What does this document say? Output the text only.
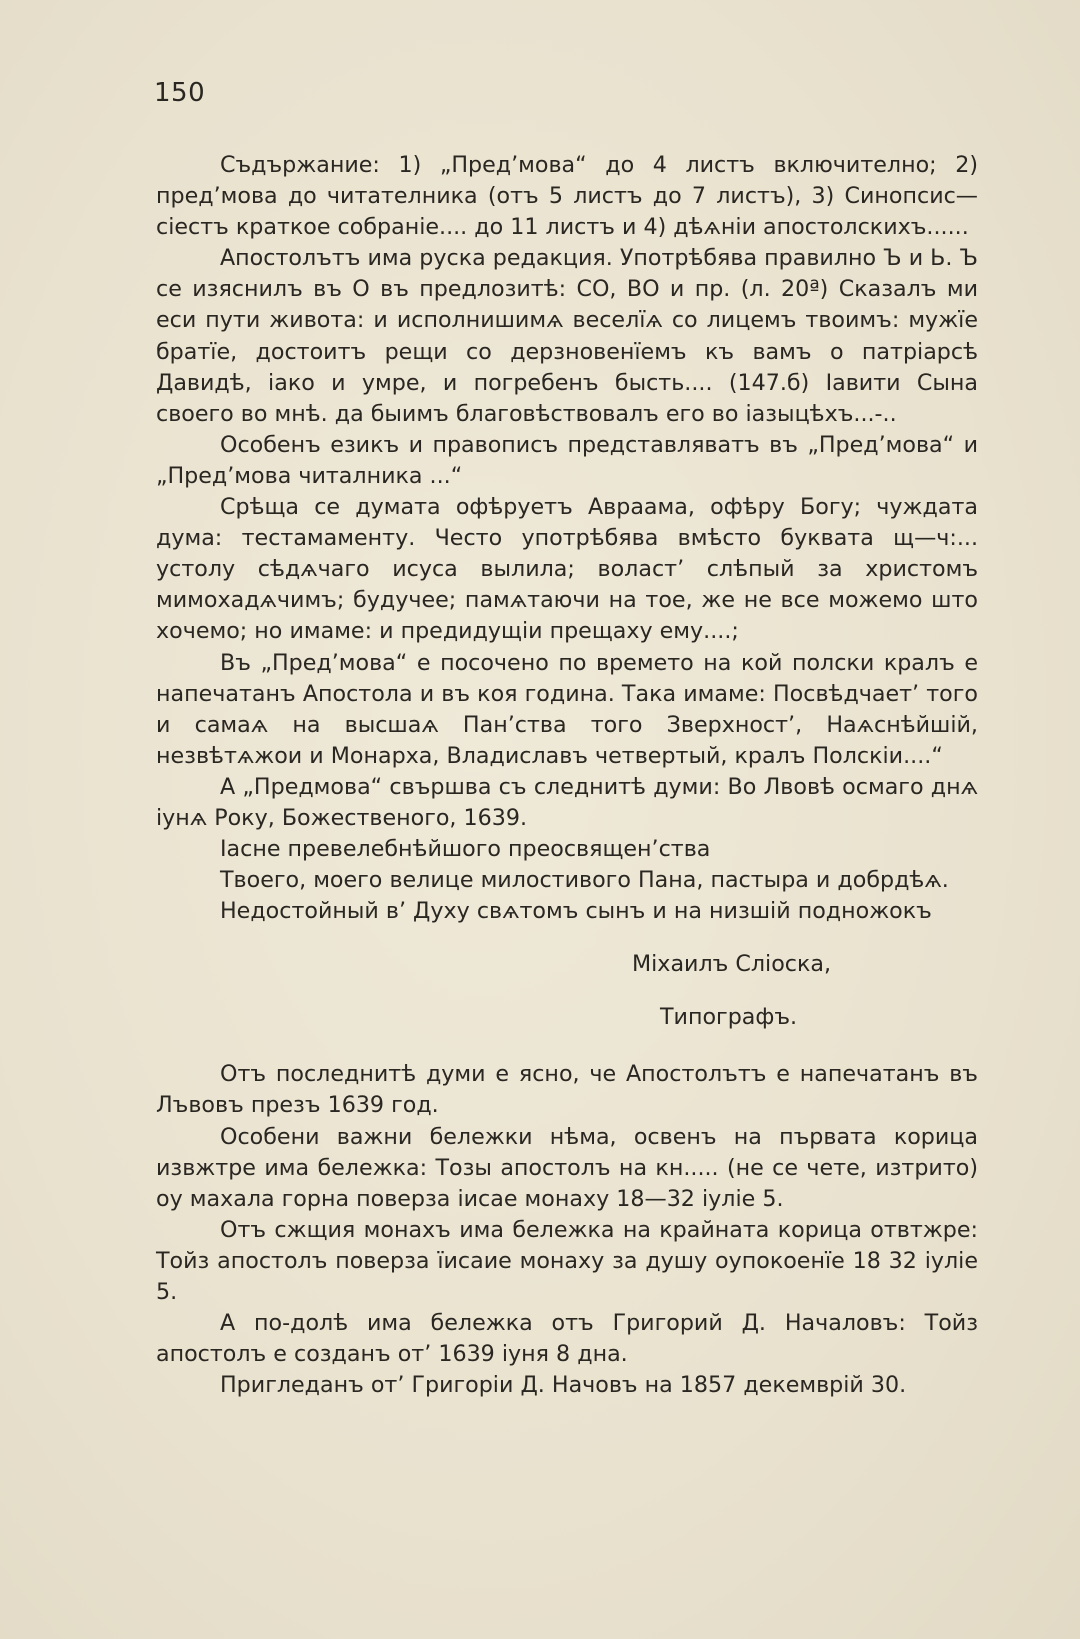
150

Съдържание: 1) „Пред’мова“ до 4 листъ включително; 2) пред’мова до читателника (отъ 5 листъ до 7 листъ), 3) Синопсис—сіестъ краткое собраніе.... до 11 листъ и 4) дѣѧніи апостолскихъ......

Апостолътъ има руска редакция. Употрѣбява правилно Ъ и Ь. Ъ се изяснилъ въ О въ предлозитѣ: СО, ВО и пр. (л. 20ª) Сказалъ ми еси пути живота: и исполнишимѧ веселїѧ со лицемъ твоимъ: мужїе братїе, достоитъ рещи со дерзновенїемъ къ вамъ о патріарсѣ Давидѣ, іако и умре, и погребенъ бысть.... (147.б) Іавити Сына своего во мнѣ. да быимъ благовѣствовалъ его во іазыцѣхъ...-..

Особенъ езикъ и правописъ представляватъ въ „Пред’мова“ и „Пред’мова читалника ...“

Срѣща се думата офѣруетъ Авраама, офѣру Богу; чуждата дума: тестамаменту. Често употрѣбява вмѣсто буквата щ—ч:... устолу сѣдѧчаго исуса вылила; волаcт’ слѣпый за христомъ мимохадѧчимъ; будучее; памѧтаючи на тое, же не все можемо што хочемо; но имаме: и предидущіи прещаху ему....;

Въ „Пред’мова“ е посочено по времето на кой полски кралъ е напечатанъ Апостола и въ коя година. Така имаме: Посвѣдчает’ того и самаѧ на высшаѧ Пан’ства того Зверхност’, Наѧснѣйшій, незвѣтѧжои и Монарха, Владиславъ четвертый, кралъ Полскіи....“

А „Предмова“ свършва съ следнитѣ думи: Во Лвовѣ осмаго днѧ іунѧ Року, Божественого, 1639.

Іасне превелебнѣйшого преосвящен’ства
Твоего, моего велице милостивого Пана, пастыра и добрдѣѧ.
Недостойный в’ Духу свѧтомъ сынъ и на низшій подножокъ

Міхаилъ Сліоска,

Типографъ.

Отъ последнитѣ думи е ясно, че Апостолътъ е напечатанъ въ Лъвовъ презъ 1639 год.

Особени важни бележки нѣма, освенъ на първата корица извжтре има бележка: Тозы апостолъ на кн..... (не се чете, изтрито) оу махала горна поверза іисае монаху 18—32 іуліе 5.

Отъ сжщия монахъ има бележка на крайната корица отвтжре: Тойз апостолъ поверза їисаие монаху за душу оупокоенїе 18 32 іуліе 5.

А по-долѣ има бележка отъ Григорий Д. Началовъ: Тойз апостолъ е созданъ от’ 1639 іуня 8 дна.

Пригледанъ от’ Григоріи Д. Начовъ на 1857 декемврій 30.
